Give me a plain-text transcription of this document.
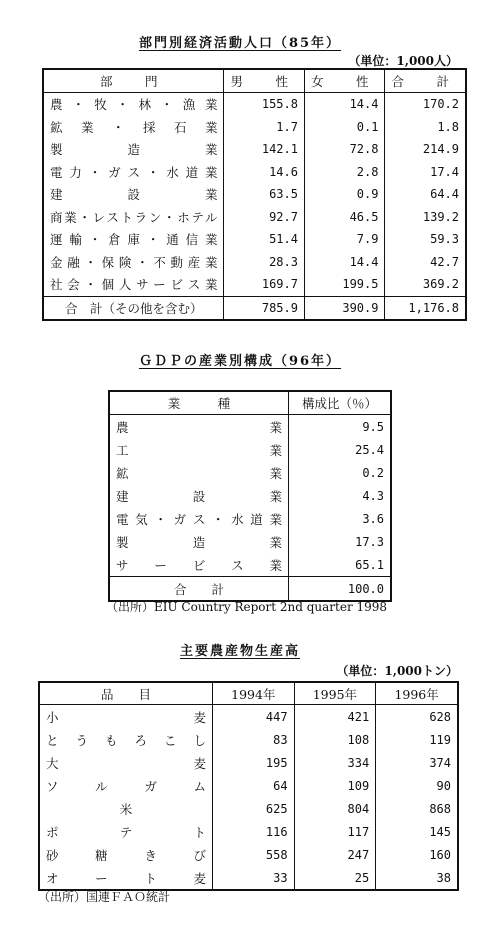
部門別経済活動人口（85年）
（単位：1,000人）
部　門	男　性	女　性	合　計
農・牧・林・漁業	155.8	14.4	170.2
鉱業・採石業	1.7	0.1	1.8
製造業	142.1	72.8	214.9
電力・ガス・水道業	14.6	2.8	17.4
建設業	63.5	0.9	64.4
商業・レストラン・ホテル	92.7	46.5	139.2
運輸・倉庫・通信業	51.4	7.9	59.3
金融・保険・不動産業	28.3	14.4	42.7
社会・個人サービス業	169.7	199.5	369.2
合　計（その他を含む）	785.9	390.9	1,176.8
ＧＤＰの産業別構成（96年）
業　　　種	構成比（％）
農業	9.5
工業	25.4
鉱業	0.2
建設業	4.3
電気・ガス・水道業	3.6
製造業	17.3
サービス業	65.1
合　　計	100.0
（出所）EIU Country Report 2nd quarter 1998
主要農産物生産高
（単位：1,000トン）
品　　目	1994年	1995年	1996年
小麦	447	421	628
とうもろこし	83	108	119
大麦	195	334	374
ソルガム	64	109	90
米	625	804	868
ポテト	116	117	145
砂糖きび	558	247	160
オート麦	33	25	38
（出所）国連ＦＡＯ統計
